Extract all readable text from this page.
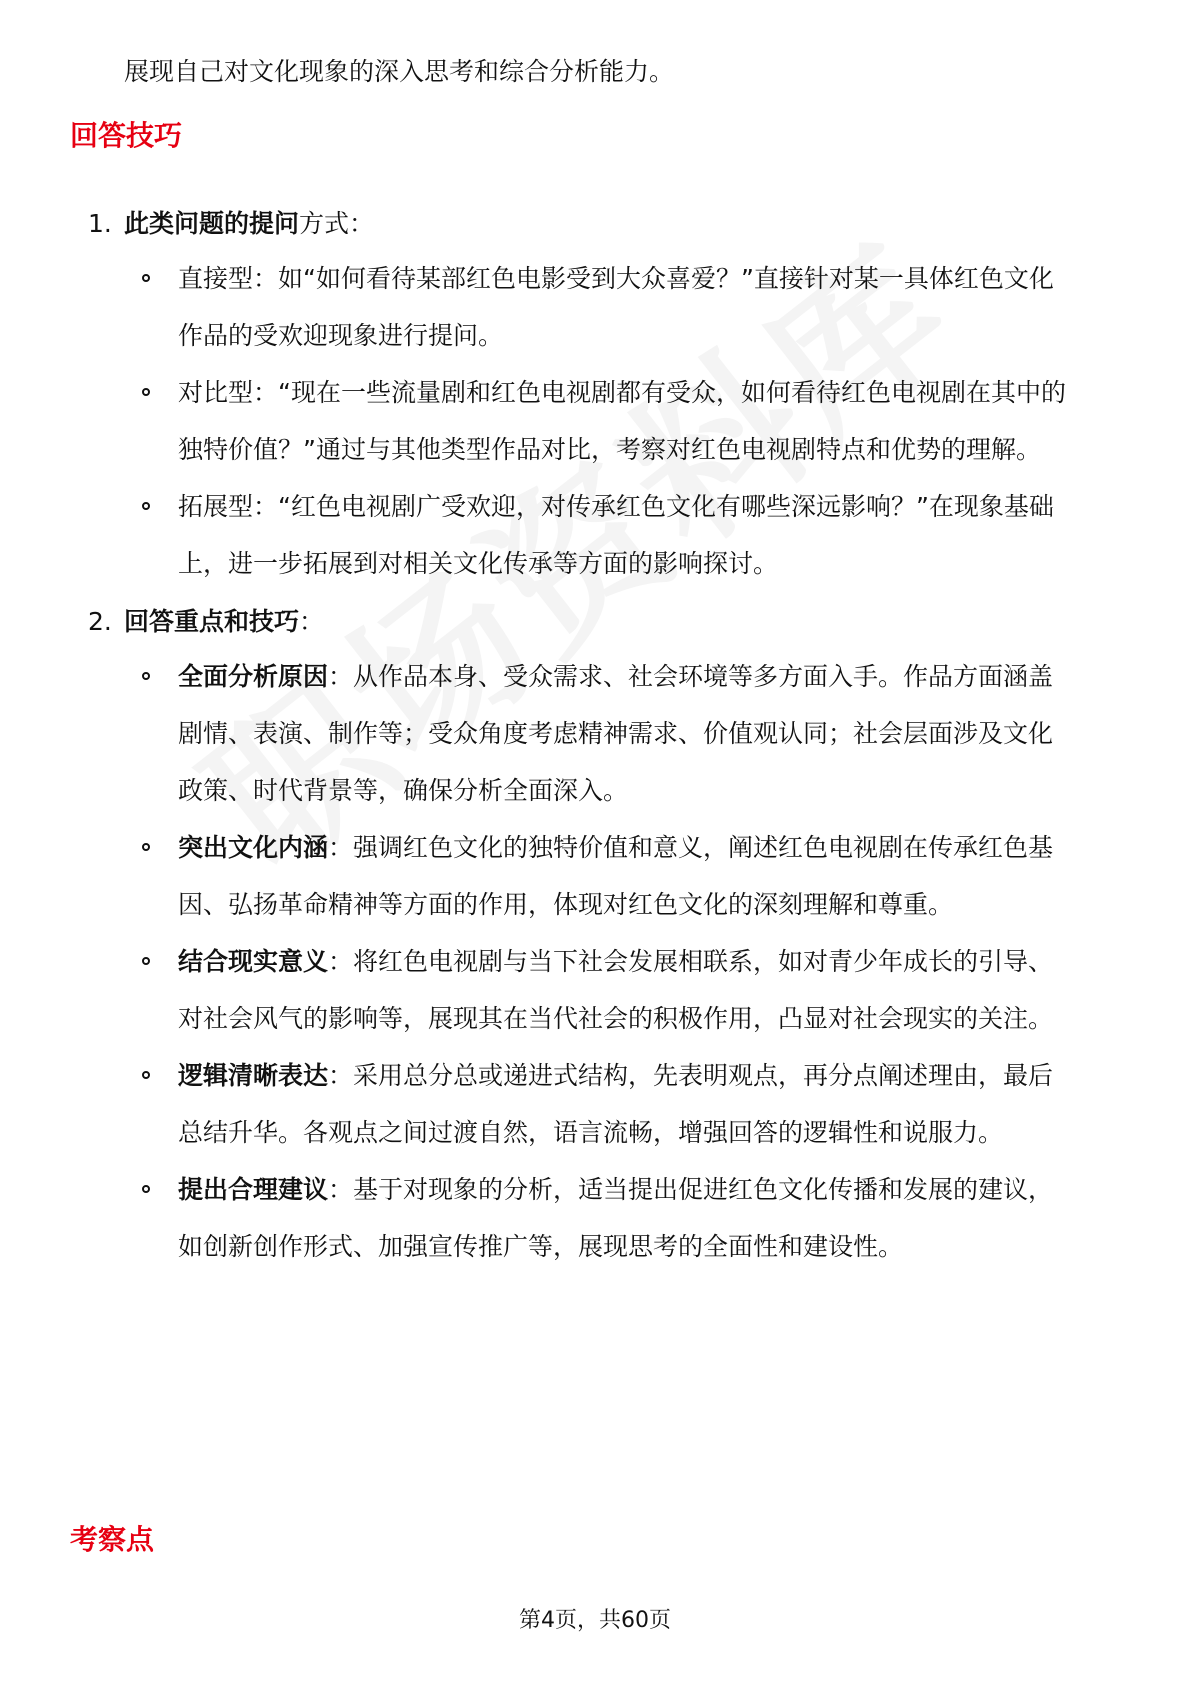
展现自己对文化现象的深入思考和综合分析能力。
回答技巧
1. 此类问题的提问方式：
直接型：如“如何看待某部红色电影受到大众喜爱？”直接针对某一具体红色文化作品的受欢迎现象进行提问。
对比型：“现在一些流量剧和红色电视剧都有受众，如何看待红色电视剧在其中的独特价值？”通过与其他类型作品对比，考察对红色电视剧特点和优势的理解。
拓展型：“红色电视剧广受欢迎，对传承红色文化有哪些深远影响？”在现象基础上，进一步拓展到对相关文化传承等方面的影响探讨。
2. 回答重点和技巧：
全面分析原因：从作品本身、受众需求、社会环境等多方面入手。作品方面涵盖剧情、表演、制作等；受众角度考虑精神需求、价值观认同；社会层面涉及文化政策、时代背景等，确保分析全面深入。
突出文化内涵：强调红色文化的独特价值和意义，阐述红色电视剧在传承红色基因、弘扬革命精神等方面的作用，体现对红色文化的深刻理解和尊重。
结合现实意义：将红色电视剧与当下社会发展相联系，如对青少年成长的引导、对社会风气的影响等，展现其在当代社会的积极作用，凸显对社会现实的关注。
逻辑清晰表达：采用总分总或递进式结构，先表明观点，再分点阐述理由，最后总结升华。各观点之间过渡自然，语言流畅，增强回答的逻辑性和说服力。
提出合理建议：基于对现象的分析，适当提出促进红色文化传播和发展的建议，如创新创作形式、加强宣传推广等，展现思考的全面性和建设性。
考察点
第4页，共60页
